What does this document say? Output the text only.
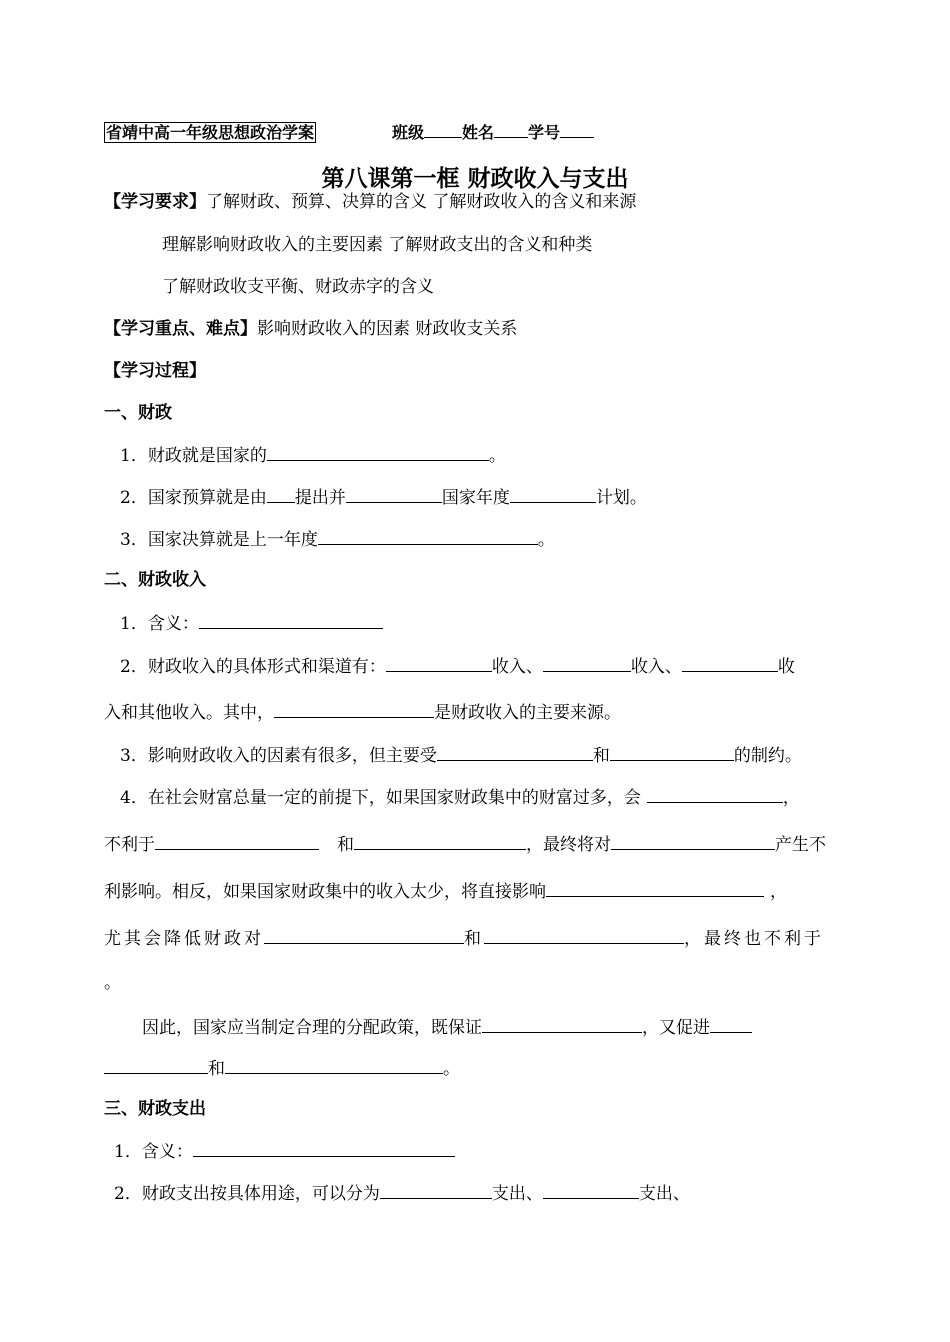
省靖中高一年级思想政治学案	班级 姓名 学号
第八课第一框 财政收入与支出
【学习要求】了解财政、预算、决算的含义 了解财政收入的含义和来源
理解影响财政收入的主要因素 了解财政支出的含义和种类
了解财政收支平衡、财政赤字的含义
【学习重点、难点】影响财政收入的因素 财政收支关系
【学习过程】
一、财政
1．财政就是国家的	。
2．国家预算就是由 提出并	国家年度	计划。
3．国家决算就是上一年度	。
二、财政收入
1．含义：
2．财政收入的具体形式和渠道有：	收入、	收入、	收
入和其他收入。其中，	是财政收入的主要来源。
3．影响财政收入的因素有很多，但主要受	和	的制约。
4．在社会财富总量一定的前提下，如果国家财政集中的财富过多，会	，
不利于	和	，最终将对	产生不
利影响。相反，如果国家财政集中的收入太少，将直接影响	，
尤其会降低财政对	和	，最终也不利于
。
因此，国家应当制定合理的分配政策，既保证	，又促进
和	。
三、财政支出
1．含义：
2．财政支出按具体用途，可以分为	支出、	支出、
